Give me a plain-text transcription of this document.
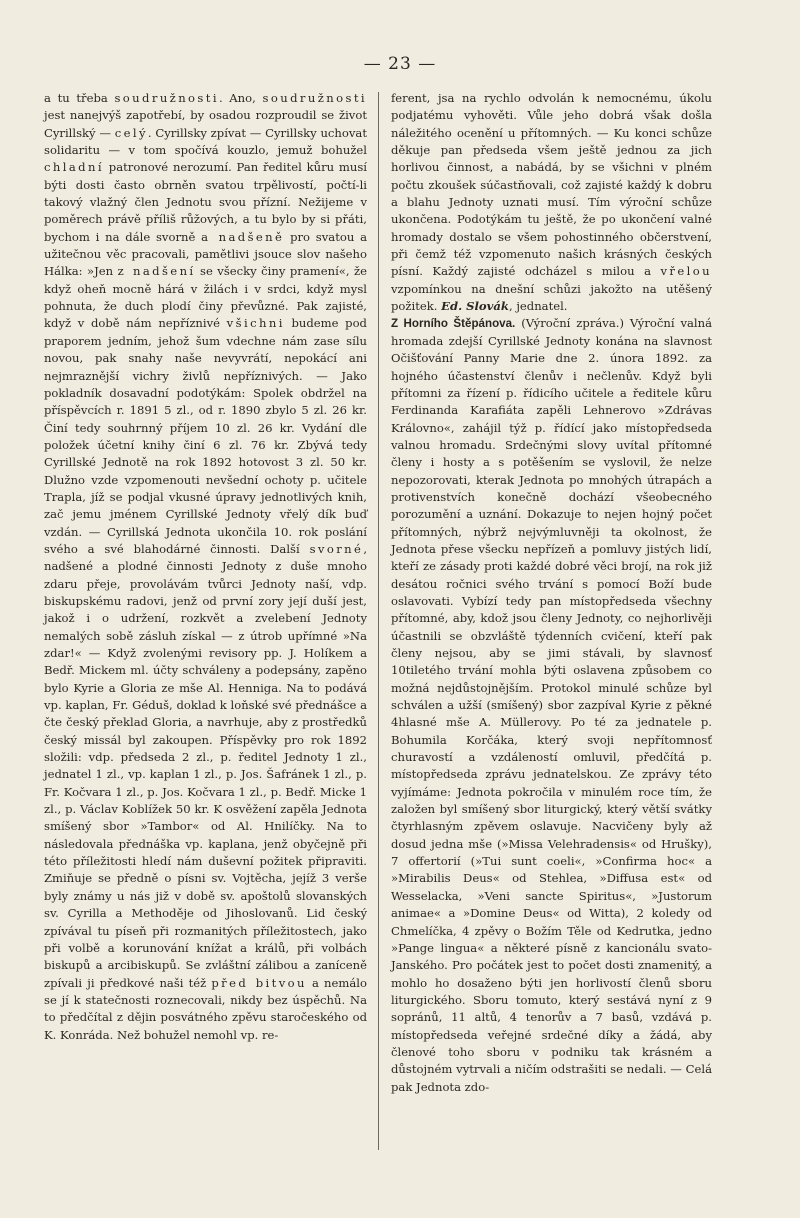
— 23 —

a tu třeba soudružnosti. Ano, soudružnosti jest nanejvýš zapotřebí, by osadou rozproudil se život Cyrillský — celý. Cyrillsky zpívat — Cyrillsky uchovat solidaritu — v tom spočívá kouzlo, jemuž bohužel chladní patronové nerozumí. Pan ředitel kůru musí býti dosti často obrněn svatou trpělivostí, počtí-li takový vlažný člen Jednotu svou přízní. Nežijeme v poměrech právě příliš růžových, a tu bylo by si přáti, bychom i na dále svorně a nadšeně pro svatou a užitečnou věc pracovali, pamětlivi jsouce slov našeho Hálka: »Jen z nadšení se všecky činy pramení«, že když oheň mocně hárá v žilách i v srdci, když mysl pohnuta, že duch plodí činy převůzné. Pak zajisté, když v době nám nepříznivé všichni budeme pod praporem jedním, jehož šum vdechne nám zase sílu novou, pak snahy naše nevyvrátí, nepokácí ani nejmraznější vichry živlů nepříznivých. — Jako pokladník dosavadní podotýkám: Spolek obdržel na příspěvcích r. 1891 5 zl., od r. 1890 zbylo 5 zl. 26 kr. Činí tedy souhrnný příjem 10 zl. 26 kr. Vydání dle položek účetní knihy činí 6 zl. 76 kr. Zbývá tedy Cyrillské Jednotě na rok 1892 hotovost 3 zl. 50 kr. Dlužno vzde vzpomenouti nevšední ochoty p. učitele Trapla, jíž se podjal vkusné úpravy jednotlivých knih, zač jemu jménem Cyrillské Jednoty vřelý dík buď vzdán. — Cyrillská Jednota ukončila 10. rok poslání svého a své blahodárné činnosti. Další svorné, nadšené a plodné činnosti Jednoty z duše mnoho zdaru přeje, provolávám tvůrci Jednoty naší, vdp. biskupskému radovi, jenž od první zory její duší jest, jakož i o udržení, rozkvět a zvelebení Jednoty nemalých sobě zásluh získal — z útrob upřímné »Na zdar!« — Když zvolenými revisory pp. J. Holíkem a Bedř. Mickem ml. účty schváleny a podepsány, zapěno bylo Kyrie a Gloria ze mše Al. Hennigа. Na to podává vp. kaplan, Fr. Géduš, doklad k loňské své přednášce a čte český překlad Gloria, a navrhuje, aby z prostředků český missál byl zakoupen. Příspěvky pro rok 1892 složili: vdp. předseda 2 zl., p. ředitel Jednoty 1 zl., jednatel 1 zl., vp. kaplan 1 zl., p. Jos. Šafránek 1 zl., p. Fr. Kočvara 1 zl., p. Jos. Kočvara 1 zl., p. Bedř. Micke 1 zl., p. Václav Koblížek 50 kr. K osvěžení zapěla Jednota smíšený sbor »Tambor« od Al. Hnilíčky. Na to následovala přednáška vp. kaplana, jenž obyčejně při této příležitosti hledí nám duševní požitek připraviti. Zmiňuje se předně o písni sv. Vojtěcha, jejíž 3 verše byly známy u nás již v době sv. apoštolů slovanských sv. Cyrilla a Methoděje od Jihoslovanů. Lid český zpívával tu píseň při rozmanitých příležitostech, jako při volbě a korunování knížat a králů, při volbách biskupů a arcibiskupů. Se zvláštní zálibou a zaníceně zpívali ji předkové naši též před bitvou a nemálo se jí k statečnosti roznecovali, nikdy bez úspěchů. Na to předčítal z dějin posvátného zpěvu staročeského od K. Konráda. Než bohužel nemohl vp. re-

ferent, jsa na rychlo odvolán k nemocnému, úkolu podjatému vyhověti. Vůle jeho dobrá však došla náležitého ocenění u přítomných. — Ku konci schůze děkuje pan předseda všem ještě jednou za jich horlivou činnost, a nabádá, by se všichni v plném počtu zkoušek súčastňovali, což zajisté každý k dobru a blahu Jednoty uznati musí. Tím výroční schůze ukončena. Podotýkám tu ještě, že po ukončení valné hromady dostalo se všem pohostinného občerstvení, při čemž též vzpomenuto našich krásných českých písní. Každý zajisté odcházel s milou a vřelou vzpomínkou na dnešní schůzi jakožto na utěšený požitek. Ed. Slovák, jednatel.
Z Horního Štěpánova. (Výroční zpráva.) Výroční valná hromada zdejší Cyrillské Jednoty konána na slavnost Očišťování Panny Marie dne 2. února 1892. za hojného účastenství členův i nečlenův. Když byli přítomni za řízení p. řídicího učitele a ředitele kůru Ferdinanda Karafiáta zapěli Lehnerovo »Zdrávas Královno«, zahájil týž p. řídící jako místopředseda valnou hromadu. Srdečnými slovy uvítal přítomné členy i hosty a s potěšením se vyslovil, že nelze nepozorovati, kterak Jednota po mnohých útrapách a protivenstvích konečně dochází všeobecného porozumění a uznání. Dokazuje to nejen hojný počet přítomných, nýbrž nejvýmluvněji ta okolnost, že Jednota přese všecku nepřízeň a pomluvy jistých lidí, kteří ze zásady proti každé dobré věci brojí, na rok již desátou ročnici svého trvání s pomocí Boží bude oslavovati. Vybízí tedy pan místopředseda všechny přítomné, aby, kdož jsou členy Jednoty, co nejhorlivěji účastnili se obzvláště týdenních cvičení, kteří pak členy nejsou, aby se jimi stávali, by slavnosť 10tiletého trvání mohla býti oslavena způsobem co možná nejdůstojnějším. Protokol minulé schůze byl schválen a užší (smíšený) sbor zazpíval Kyrie z pěkné 4hlasné mše A. Müllerovy. Po té za jednatele p. Bohumila Korčáka, který svoji nepřítomnosť churavostí a vzdáleností omluvil, předčítá p. místopředseda zprávu jednatelskou. Ze zprávy této vyjímáme: Jednota pokročila v minulém roce tím, že založen byl smíšený sbor liturgický, který větší svátky čtyrhlasným zpěvem oslavuje. Nacvičeny byly až dosud jedna mše (»Missa Velehradensis« od Hrušky), 7 offertorií (»Tui sunt coeli«, »Confirma hoc« a »Mirabilis Deus« od Stehlea, »Diffusa est« od Wesselacka, »Veni sancte Spiritus«, »Justorum animae« a »Domine Deus« od Witta), 2 koledy od Chmelíčka, 4 zpěvy o Božím Těle od Kedrutka, jedno »Pange lingua« a některé písně z kancionálu svato-Janského. Pro počátek jest to počet dosti znamenitý, a mohlo ho dosaženo býti jen horlivostí členů sboru liturgického. Sboru tomuto, který sestává nyní z 9 sopránů, 11 altů, 4 tenorův a 7 basů, vzdává p. místopředseda veřejné srdečné díky a žádá, aby členové toho sboru v podniku tak krásném a důstojném vytrvali a ničím odstrašiti se nedali. — Celá pak Jednota zdo-
